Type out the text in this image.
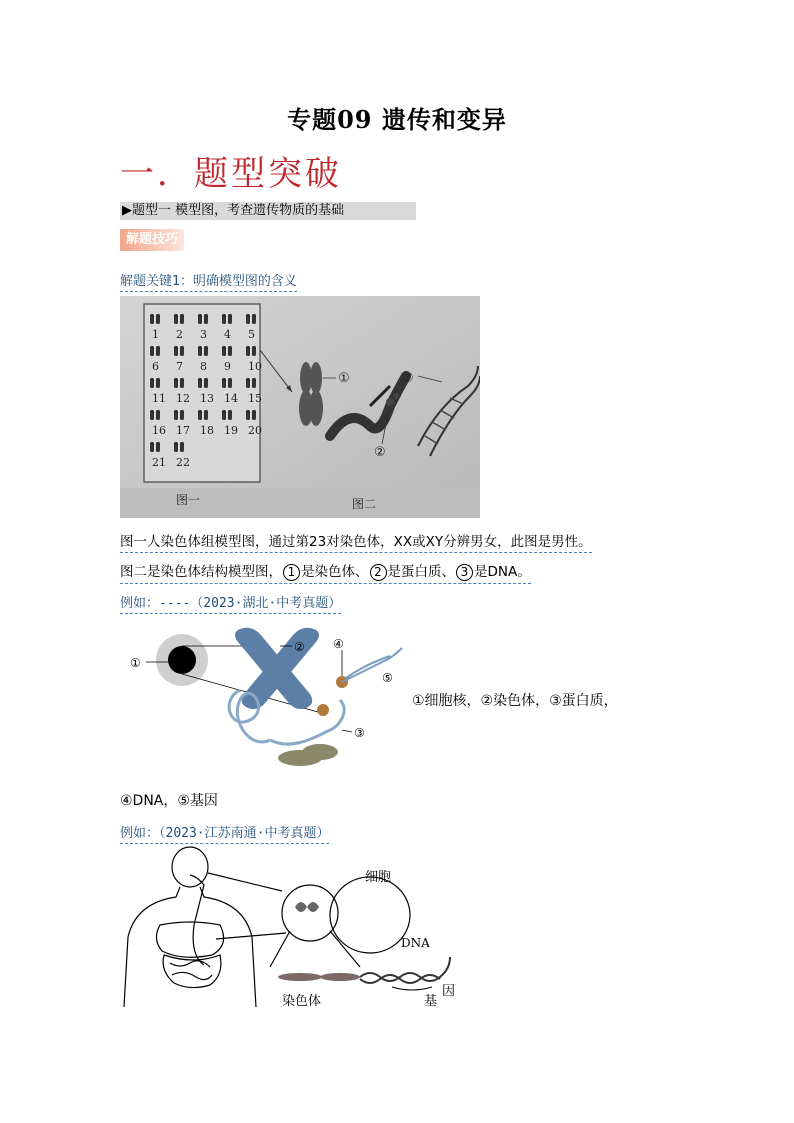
专题09 遗传和变异
一．题型突破
▶题型一 模型图，考查遗传物质的基础
解题技巧
解题关键1：明确模型图的含义
1 2 3 4 5
6 7 8 9 10
11 12 13 14 15
16 17 18 19 20
21 22
①
②
③
图一	图二
图一人染色体组模型图，通过第23对染色体，XX或XY分辨男女，此图是男性。
图二是染色体结构模型图， 1 是染色体、 2 是蛋白质、 3 是DNA。
例如：----（2023·湖北·中考真题）
①
② ④
⑤
③
①细胞核，②染色体，③蛋白质，
④DNA，⑤基因
例如：（2023·江苏南通·中考真题）
细胞
DNA
染色体	基
因
